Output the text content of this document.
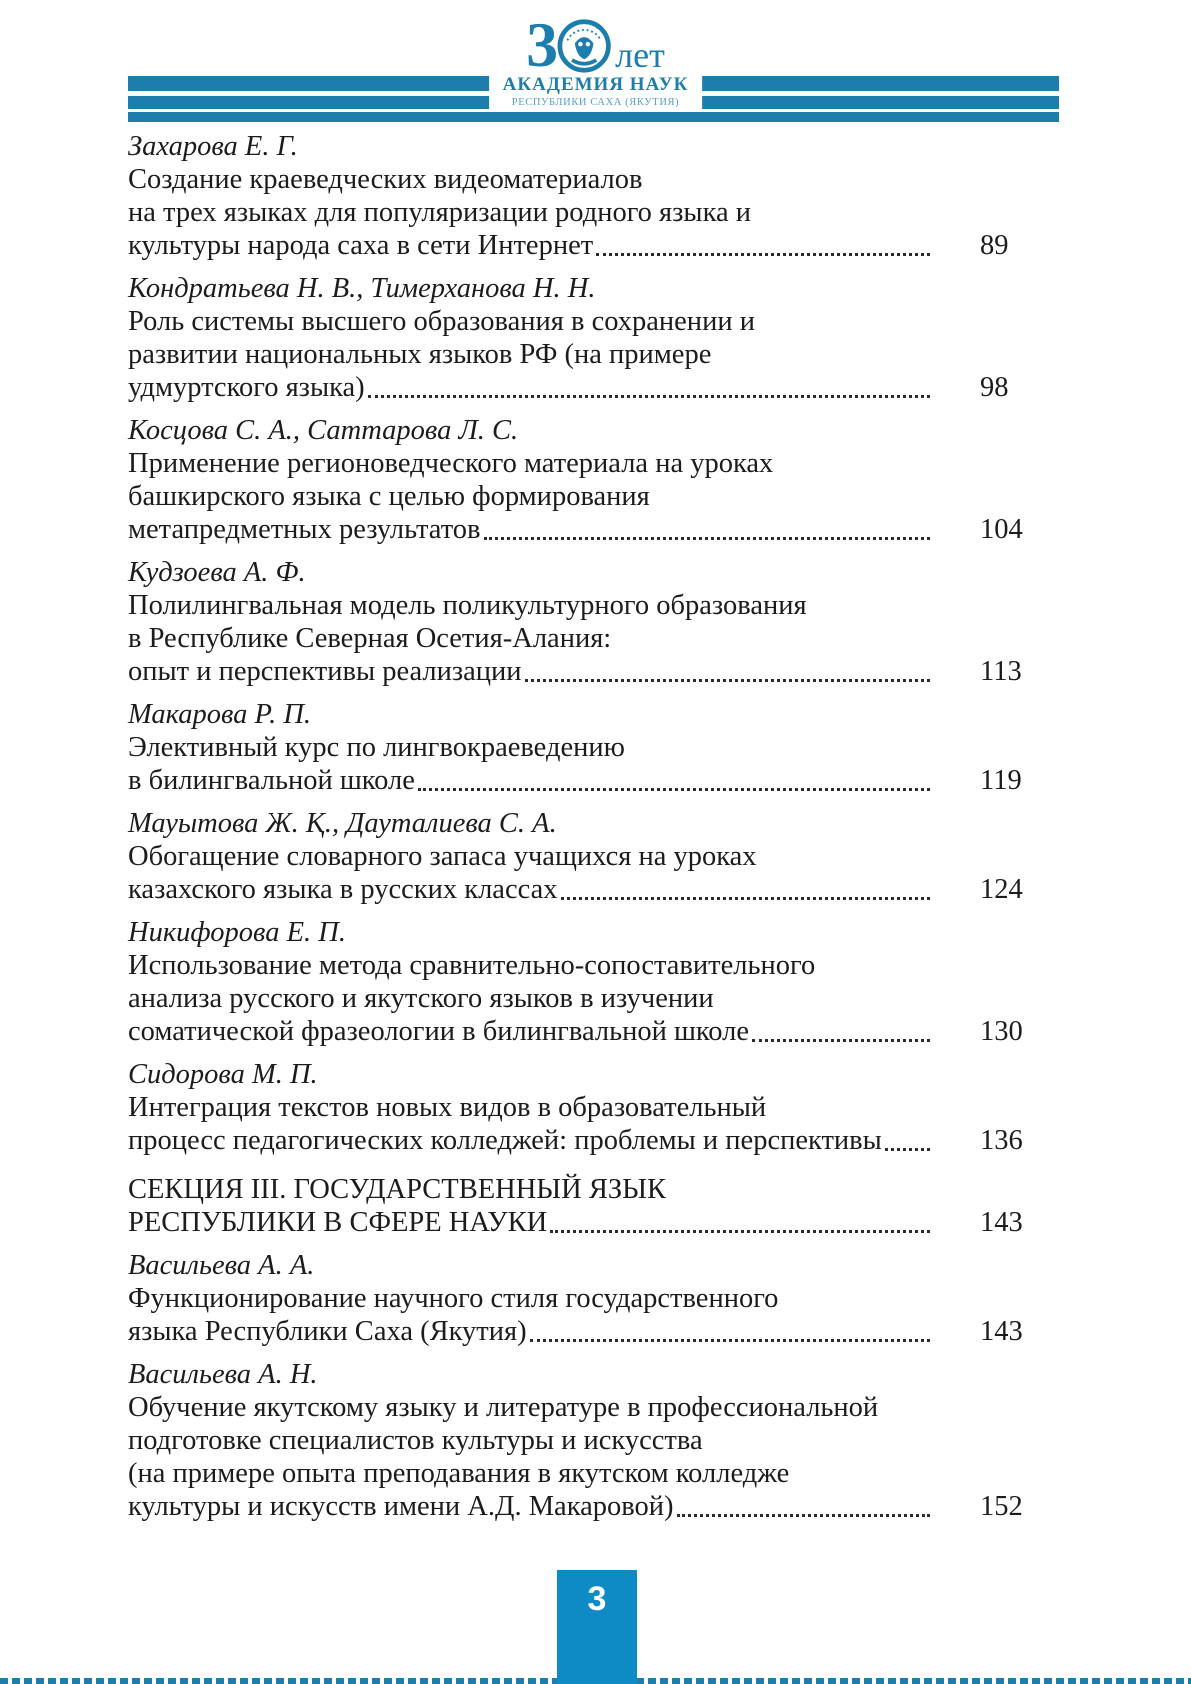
3 лет
АКАДЕМИЯ НАУК
РЕСПУБЛИКИ САХА (ЯКУТИЯ)
Захарова Е. Г.
Создание краеведческих видеоматериалов
на трех языках для популяризации родного языка и
культуры народа саха в сети Интернет	89
Кондратьева Н. В., Тимерханова Н. Н.
Роль системы высшего образования в сохранении и
развитии национальных языков РФ (на примере
удмуртского языка)	98
Косцова С. А., Саттарова Л. С.
Применение регионоведческого материала на уроках
башкирского языка с целью формирования
метапредметных результатов	104
Кудзоева А. Ф.
Полилингвальная модель поликультурного образования
в Республике Северная Осетия-Алания:
опыт и перспективы реализации	113
Макарова Р. П.
Элективный курс по лингвокраеведению
в билингвальной школе	119
Мауытова Ж. Қ., Дауталиева С. А.
Обогащение словарного запаса учащихся на уроках
казахского языка в русских классах	124
Никифорова Е. П.
Использование метода сравнительно-сопоставительного
анализа русского и якутского языков в изучении
соматической фразеологии в билингвальной школе	130
Сидорова М. П.
Интеграция текстов новых видов в образовательный
процесс педагогических колледжей: проблемы и перспективы	136
СЕКЦИЯ III. ГОСУДАРСТВЕННЫЙ ЯЗЫК
РЕСПУБЛИКИ В СФЕРЕ НАУКИ	143
Васильева А. А.
Функционирование научного стиля государственного
языка Республики Саха (Якутия)	143
Васильева А. Н.
Обучение якутскому языку и литературе в профессиональной
подготовке специалистов культуры и искусства
(на примере опыта преподавания в якутском колледже
культуры и искусств имени А.Д. Макаровой)	152
3
